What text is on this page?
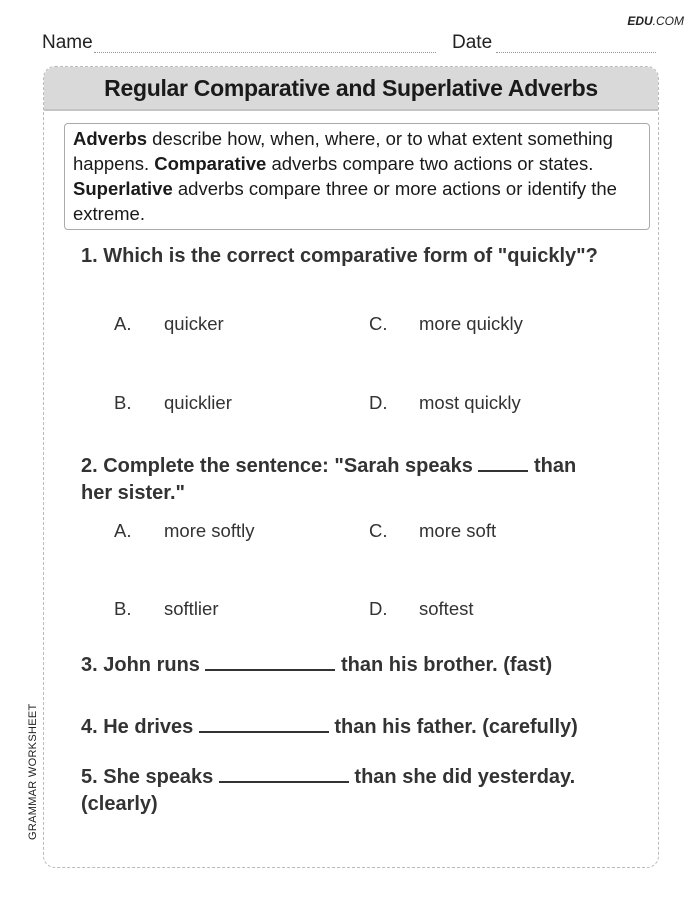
EDU.COM
Name	Date
Regular Comparative and Superlative Adverbs
Adverbs describe how, when, where, or to what extent something happens. Comparative adverbs compare two actions or states. Superlative adverbs compare three or more actions or identify the extreme.
1. Which is the correct comparative form of "quickly"?
A. quicker	C. more quickly
B. quicklier	D. most quickly
2. Complete the sentence: "Sarah speaks	than her sister."
A. more softly	C. more soft
B. softlier	D. softest
3. John runs	than his brother. (fast)
4. He drives	than his father. (carefully)
5. She speaks	than she did yesterday. (clearly)
GRAMMAR WORKSHEET
